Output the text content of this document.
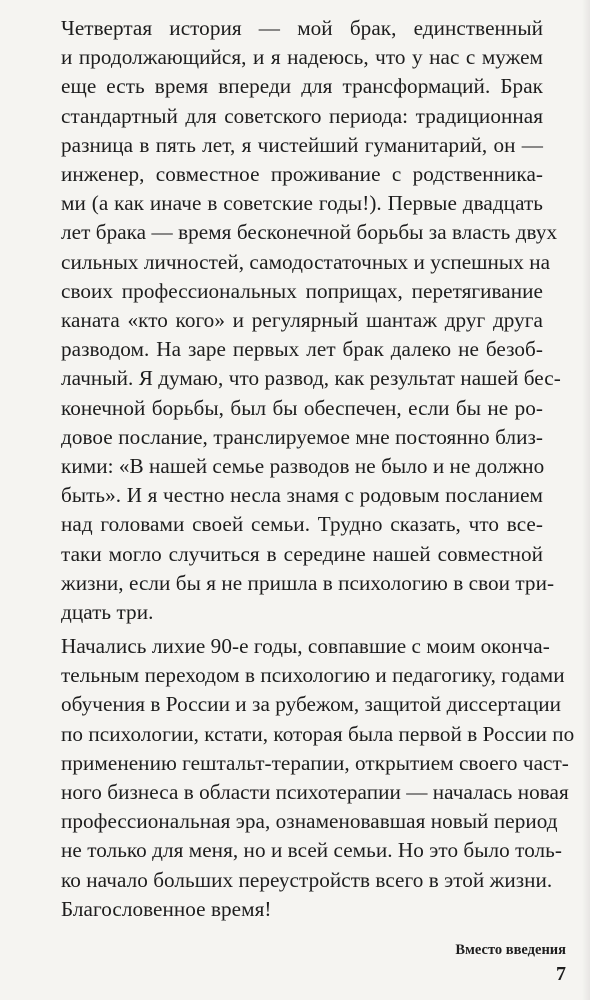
Четвертая история — мой брак, единственный
и продолжающийся, и я надеюсь, что у нас с мужем
еще есть время впереди для трансформаций. Брак
стандартный для советского периода: традиционная
разница в пять лет, я чистейший гуманитарий, он —
инженер, совместное проживание с родственника-
ми (а как иначе в советские годы!). Первые двадцать
лет брака — время бесконечной борьбы за власть двух
сильных личностей, самодостаточных и успешных на
своих профессиональных поприщах, перетягивание
каната «кто кого» и регулярный шантаж друг друга
разводом. На заре первых лет брак далеко не безоб-
лачный. Я думаю, что развод, как результат нашей бес-
конечной борьбы, был бы обеспечен, если бы не ро-
довое послание, транслируемое мне постоянно близ-
кими: «В нашей семье разводов не было и не должно
быть». И я честно несла знамя с родовым посланием
над головами своей семьи. Трудно сказать, что все-
таки могло случиться в середине нашей совместной
жизни, если бы я не пришла в психологию в свои три-
дцать три.
Начались лихие 90-е годы, совпавшие с моим оконча-
тельным переходом в психологию и педагогику, годами
обучения в России и за рубежом, защитой диссертации
по психологии, кстати, которая была первой в России по
применению гештальт-терапии, открытием своего част-
ного бизнеса в области психотерапии — началась новая
профессиональная эра, ознаменовавшая новый период
не только для меня, но и всей семьи. Но это было толь-
ко начало больших переустройств всего в этой жизни.
Благословенное время!
Вместо введения
7
